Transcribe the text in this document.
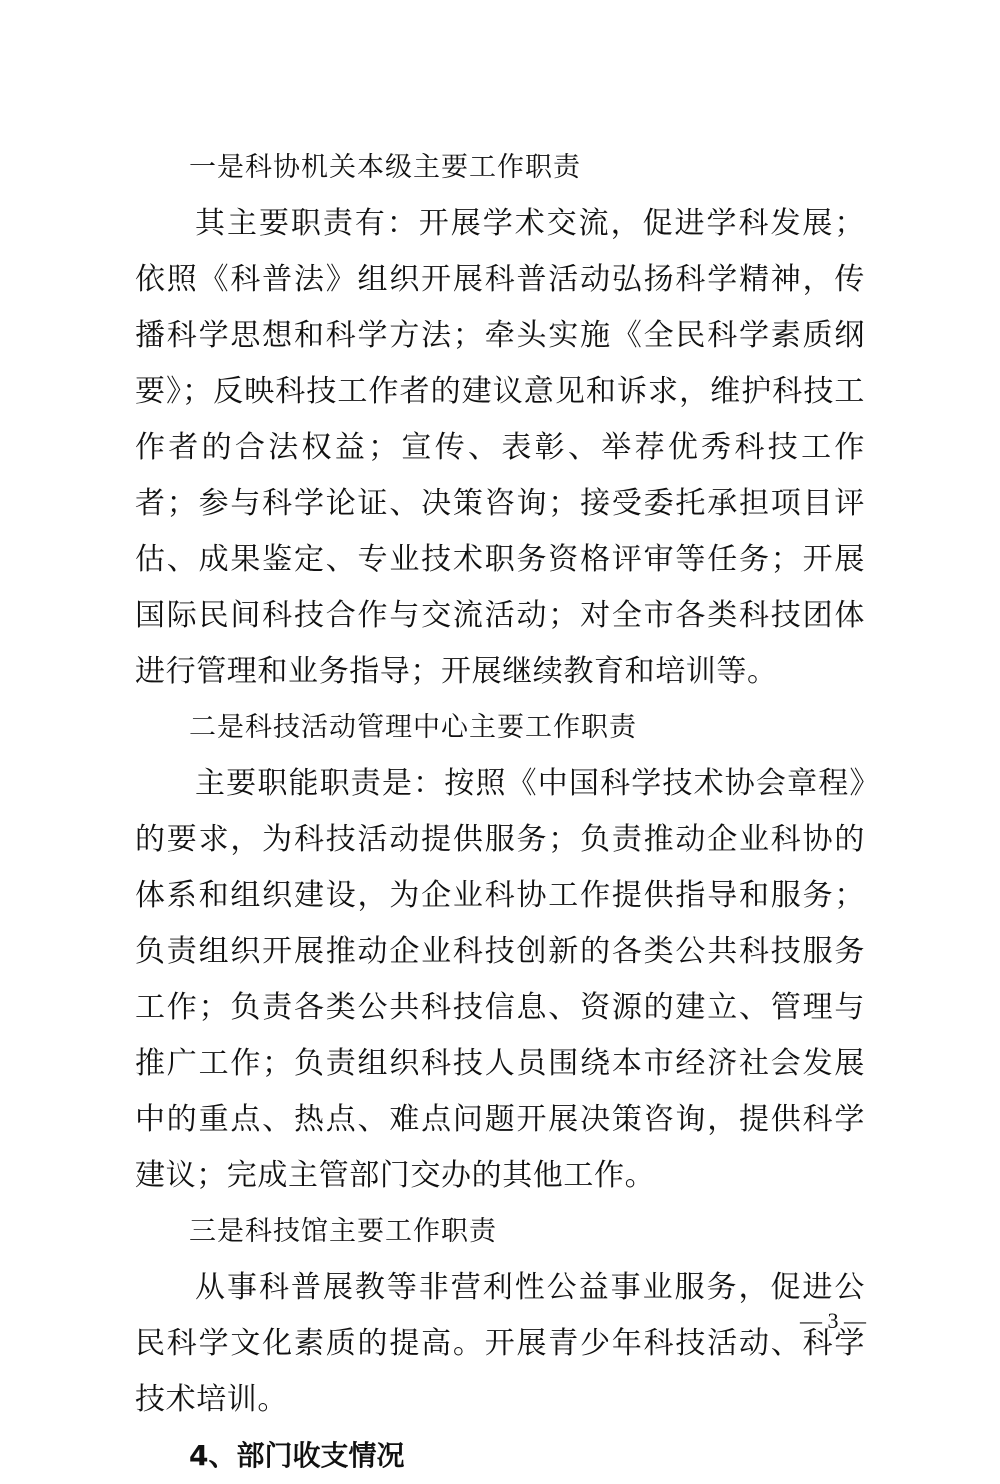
一是科协机关本级主要工作职责

其主要职责有：开展学术交流，促进学科发展；依照《科普法》组织开展科普活动弘扬科学精神，传播科学思想和科学方法；牵头实施《全民科学素质纲要》；反映科技工作者的建议意见和诉求，维护科技工作者的合法权益；宣传、表彰、举荐优秀科技工作者；参与科学论证、决策咨询；接受委托承担项目评估、成果鉴定、专业技术职务资格评审等任务；开展国际民间科技合作与交流活动；对全市各类科技团体进行管理和业务指导；开展继续教育和培训等。

二是科技活动管理中心主要工作职责

主要职能职责是：按照《中国科学技术协会章程》的要求，为科技活动提供服务；负责推动企业科协的体系和组织建设，为企业科协工作提供指导和服务；负责组织开展推动企业科技创新的各类公共科技服务工作；负责各类公共科技信息、资源的建立、管理与推广工作；负责组织科技人员围绕本市经济社会发展中的重点、热点、难点问题开展决策咨询，提供科学建议；完成主管部门交办的其他工作。

三是科技馆主要工作职责

从事科普展教等非营利性公益事业服务，促进公民科学文化素质的提高。开展青少年科技活动、科学技术培训。

4、部门收支情况

— 3 —
